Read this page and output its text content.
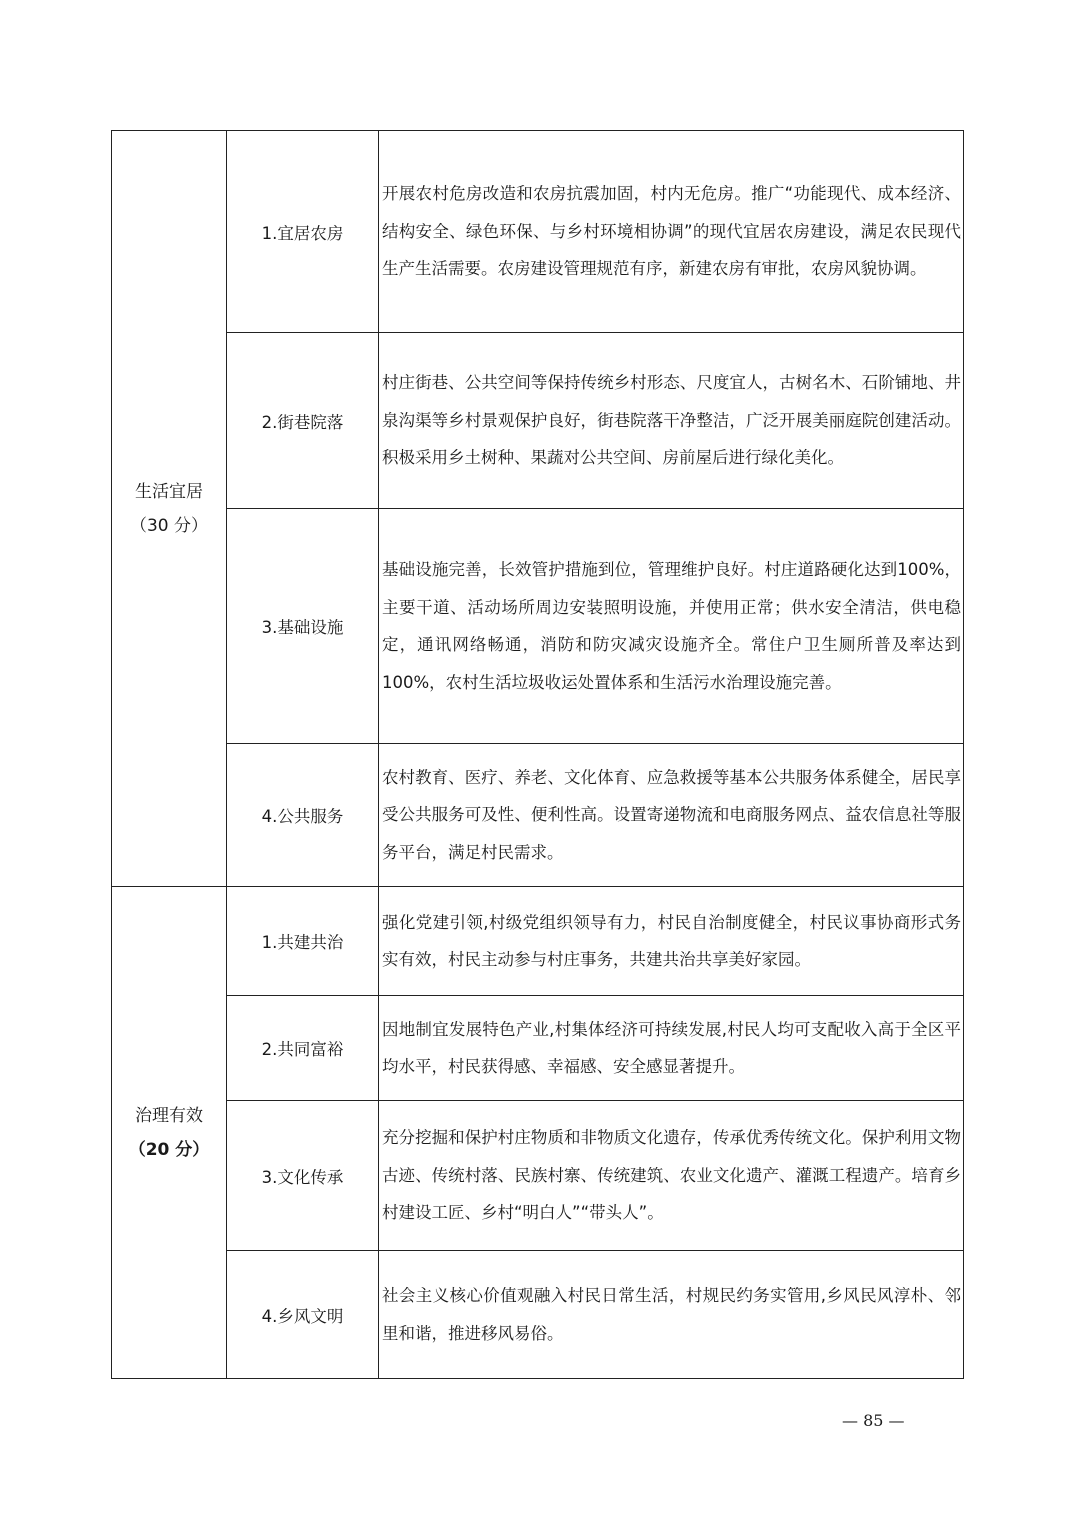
生活宜居
（30 分）	1.宜居农房	开展农村危房改造和农房抗震加固，村内无危房。推广“功能现代、成本经济、结构安全、绿色环保、与乡村环境相协调”的现代宜居农房建设，满足农民现代生产生活需要。农房建设管理规范有序，新建农房有审批，农房风貌协调。
	2.街巷院落	村庄街巷、公共空间等保持传统乡村形态、尺度宜人，古树名木、石阶铺地、井泉沟渠等乡村景观保护良好，街巷院落干净整洁，广泛开展美丽庭院创建活动。积极采用乡土树种、果蔬对公共空间、房前屋后进行绿化美化。
	3.基础设施	基础设施完善，长效管护措施到位，管理维护良好。村庄道路硬化达到100%，主要干道、活动场所周边安装照明设施，并使用正常；供水安全清洁，供电稳定，通讯网络畅通，消防和防灾减灾设施齐全。常住户卫生厕所普及率达到 100%，农村生活垃圾收运处置体系和生活污水治理设施完善。
	4.公共服务	农村教育、医疗、养老、文化体育、应急救援等基本公共服务体系健全，居民享受公共服务可及性、便利性高。设置寄递物流和电商服务网点、益农信息社等服务平台，满足村民需求。
治理有效
（20 分）	1.共建共治	强化党建引领,村级党组织领导有力，村民自治制度健全，村民议事协商形式务实有效，村民主动参与村庄事务，共建共治共享美好家园。
	2.共同富裕	因地制宜发展特色产业,村集体经济可持续发展,村民人均可支配收入高于全区平均水平，村民获得感、幸福感、安全感显著提升。
	3.文化传承	充分挖掘和保护村庄物质和非物质文化遗存，传承优秀传统文化。保护利用文物古迹、传统村落、民族村寨、传统建筑、农业文化遗产、灌溉工程遗产。培育乡村建设工匠、乡村“明白人”“带头人”。
	4.乡风文明	社会主义核心价值观融入村民日常生活，村规民约务实管用,乡风民风淳朴、邻里和谐，推进移风易俗。
— 85 —
